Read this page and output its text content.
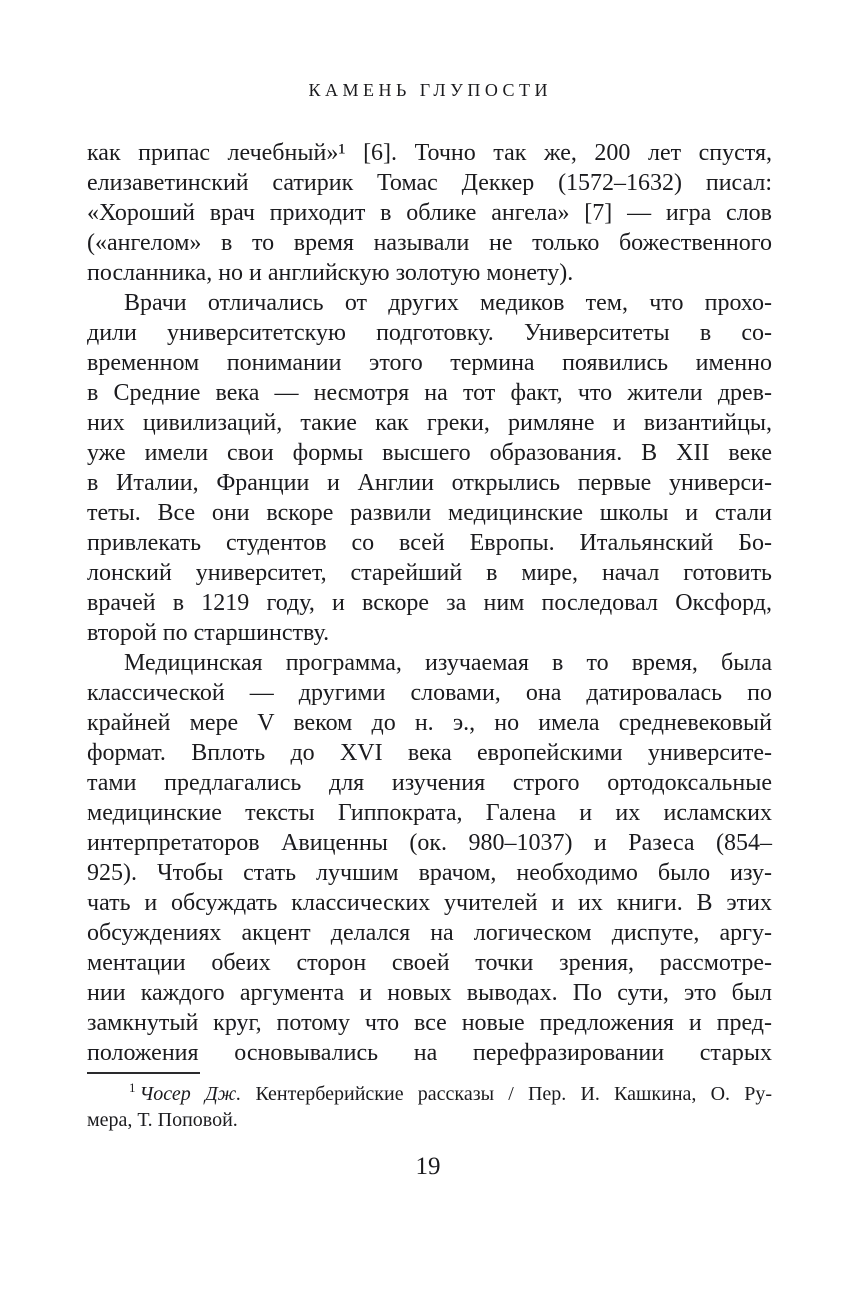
КАМЕНЬ ГЛУПОСТИ
как припас лечебный»¹ [6]. Точно так же, 200 лет спустя,
елизаветинский сатирик Томас Деккер (1572–1632) писал:
«Хороший врач приходит в облике ангела» [7] — игра слов
(«ангелом» в то время называли не только божественного
посланника, но и английскую золотую монету).
Врачи отличались от других медиков тем, что прохо-
дили университетскую подготовку. Университеты в со-
временном понимании этого термина появились именно
в Средние века — несмотря на тот факт, что жители древ-
них цивилизаций, такие как греки, римляне и византийцы,
уже имели свои формы высшего образования. В XII веке
в Италии, Франции и Англии открылись первые универси-
теты. Все они вскоре развили медицинские школы и стали
привлекать студентов со всей Европы. Итальянский Бо-
лонский университет, старейший в мире, начал готовить
врачей в 1219 году, и вскоре за ним последовал Оксфорд,
второй по старшинству.
Медицинская программа, изучаемая в то время, была
классической — другими словами, она датировалась по
крайней мере V веком до н. э., но имела средневековый
формат. Вплоть до XVI века европейскими университе-
тами предлагались для изучения строго ортодоксальные
медицинские тексты Гиппократа, Галена и их исламских
интерпретаторов Авиценны (ок. 980–1037) и Разеса (854–
925). Чтобы стать лучшим врачом, необходимо было изу-
чать и обсуждать классических учителей и их книги. В этих
обсуждениях акцент делался на логическом диспуте, аргу-
ментации обеих сторон своей точки зрения, рассмотре-
нии каждого аргумента и новых выводах. По сути, это был
замкнутый круг, потому что все новые предложения и пред-
положения основывались на перефразировании старых
$^1$ Чосер Дж. Кентерберийские рассказы / Пер. И. Кашкина, О. Ру-
мера, Т. Поповой.
19
